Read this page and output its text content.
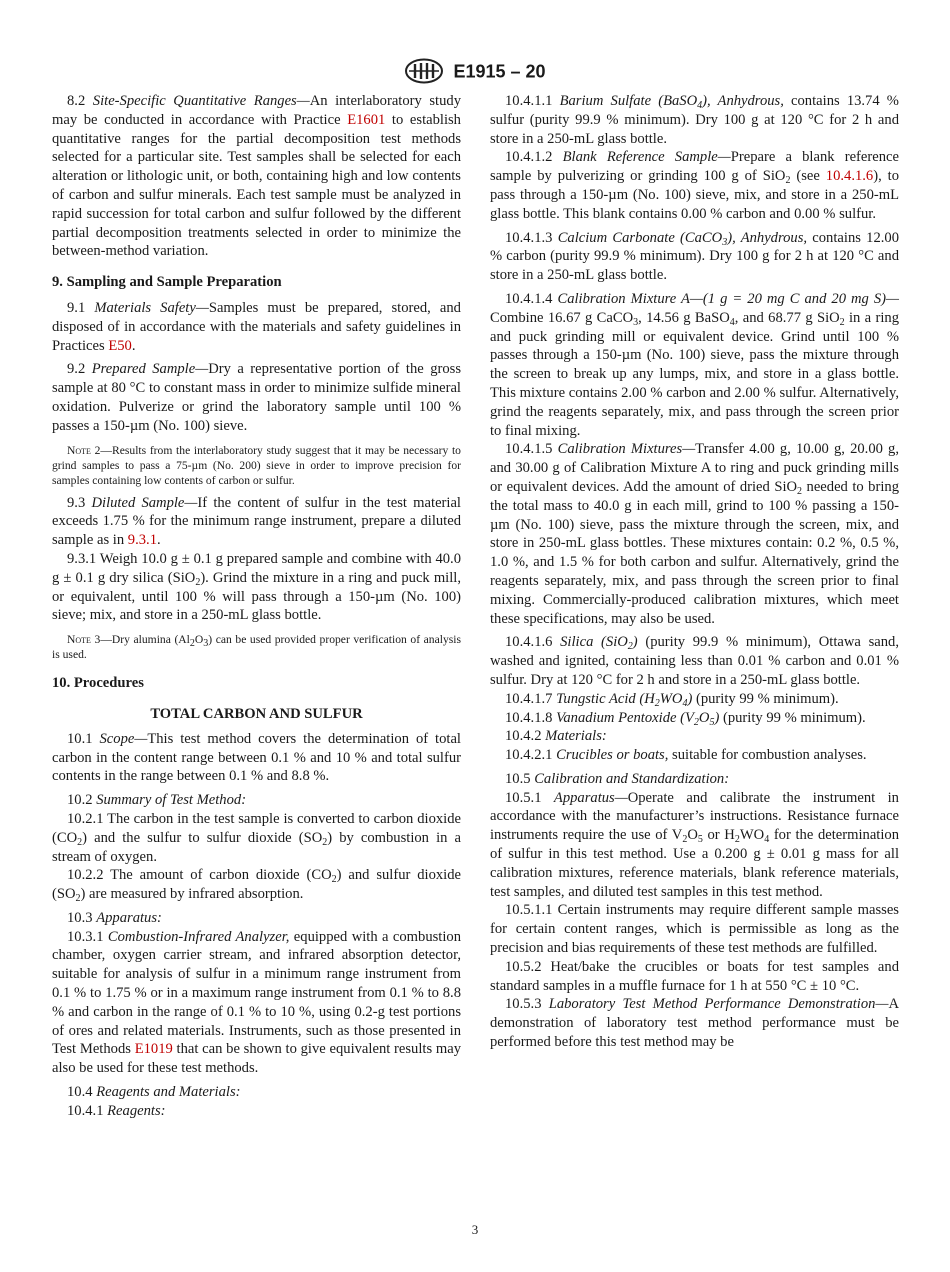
E1915 – 20

8.2 Site-Specific Quantitative Ranges—An interlaboratory study may be conducted in accordance with Practice E1601 to establish quantitative ranges for the partial decomposition test methods selected for a particular site. Test samples shall be selected for each alteration or lithologic unit, or both, containing high and low contents of carbon and sulfur minerals. Each test sample must be analyzed in rapid succession for total carbon and sulfur followed by the different partial decomposition treatments selected in order to minimize the between-method variation.

9. Sampling and Sample Preparation

9.1 Materials Safety—Samples must be prepared, stored, and disposed of in accordance with the materials and safety guidelines in Practices E50.

9.2 Prepared Sample—Dry a representative portion of the gross sample at 80 °C to constant mass in order to minimize sulfide mineral oxidation. Pulverize or grind the laboratory sample until 100 % passes a 150-µm (No. 100) sieve.

Note 2—Results from the interlaboratory study suggest that it may be necessary to grind samples to pass a 75-µm (No. 200) sieve in order to improve precision for samples containing low contents of carbon or sulfur.

9.3 Diluted Sample—If the content of sulfur in the test material exceeds 1.75 % for the minimum range instrument, prepare a diluted sample as in 9.3.1.

9.3.1 Weigh 10.0 g ± 0.1 g prepared sample and combine with 40.0 g ± 0.1 g dry silica (SiO$_2$). Grind the mixture in a ring and puck mill, or equivalent, until 100 % will pass through a 150-µm (No. 100) sieve; mix, and store in a 250-mL glass bottle.

Note 3—Dry alumina $(Al_2O_3)$ can be used provided proper verification of analysis is used.

10. Procedures
TOTAL CARBON AND SULFUR

10.1 Scope—This test method covers the determination of total carbon in the content range between 0.1 % and 10 % and total sulfur contents in the range between 0.1 % and 8.8 %.

10.2 Summary of Test Method:

10.2.1 The carbon in the test sample is converted to carbon dioxide $(CO_2)$ and the sulfur to sulfur dioxide $(SO_2)$ by combustion in a stream of oxygen.

10.2.2 The amount of carbon dioxide $(CO_2)$ and sulfur dioxide $(SO_2)$ are measured by infrared absorption.

10.3 Apparatus:

10.3.1 Combustion-Infrared Analyzer, equipped with a combustion chamber, oxygen carrier stream, and infrared absorption detector, suitable for analysis of sulfur in a minimum range instrument from 0.1 % to 1.75 % or in a maximum range instrument from 0.1 % to 8.8 % and carbon in the range of 0.1 % to 10 %, using 0.2-g test portions of ores and related materials. Instruments, such as those presented in Test Methods E1019 that can be shown to give equivalent results may also be used for these test methods.

10.4 Reagents and Materials:

10.4.1 Reagents:

10.4.1.1 Barium Sulfate (BaSO$_4$), Anhydrous, contains 13.74 % sulfur (purity 99.9 % minimum). Dry 100 g at 120 °C for 2 h and store in a 250-mL glass bottle.

10.4.1.2 Blank Reference Sample—Prepare a blank reference sample by pulverizing or grinding 100 g of SiO$_2$ (see 10.4.1.6), to pass through a 150-µm (No. 100) sieve, mix, and store in a 250-mL glass bottle. This blank contains 0.00 % carbon and 0.00 % sulfur.

10.4.1.3 Calcium Carbonate (CaCO$_3$), Anhydrous, contains 12.00 % carbon (purity 99.9 % minimum). Dry 100 g for 2 h at 120 °C and store in a 250-mL glass bottle.

10.4.1.4 Calibration Mixture A—(1 g = 20 mg C and 20 mg S)—Combine 16.67 g CaCO$_3$, 14.56 g BaSO$_4$, and 68.77 g SiO$_2$ in a ring and puck grinding mill or equivalent device. Grind until 100 % passes through a 150-µm (No. 100) sieve, pass the mixture through the screen to break up any lumps, mix, and store in a glass bottle. This mixture contains 2.00 % carbon and 2.00 % sulfur. Alternatively, grind the reagents separately, mix, and pass through the screen prior to final mixing.

10.4.1.5 Calibration Mixtures—Transfer 4.00 g, 10.00 g, 20.00 g, and 30.00 g of Calibration Mixture A to ring and puck grinding mills or equivalent devices. Add the amount of dried SiO$_2$ needed to bring the total mass to 40.0 g in each mill, grind to 100 % passing a 150-µm (No. 100) sieve, pass the mixture through the screen, mix, and store in 250-mL glass bottles. These mixtures contain: 0.2 %, 0.5 %, 1.0 %, and 1.5 % for both carbon and sulfur. Alternatively, grind the reagents separately, mix, and pass through the screen prior to final mixing. Commercially-produced calibration mixtures, which meet these specifications, may also be used.

10.4.1.6 Silica (SiO$_2$) (purity 99.9 % minimum), Ottawa sand, washed and ignited, containing less than 0.01 % carbon and 0.01 % sulfur. Dry at 120 °C for 2 h and store in a 250-mL glass bottle.

10.4.1.7 Tungstic Acid $(H_2WO_4)$ (purity 99 % minimum).

10.4.1.8 Vanadium Pentoxide $(V_2O_5)$ (purity 99 % minimum).

10.4.2 Materials:

10.4.2.1 Crucibles or boats, suitable for combustion analyses.

10.5 Calibration and Standardization:

10.5.1 Apparatus—Operate and calibrate the instrument in accordance with the manufacturer’s instructions. Resistance furnace instruments require the use of $V_2O_5$ or $H_2WO_4$ for the determination of sulfur in this test method. Use a 0.200 g ± 0.01 g mass for all calibration mixtures, reference materials, blank reference materials, test samples, and diluted test samples in this test method.

10.5.1.1 Certain instruments may require different sample masses for certain content ranges, which is permissible as long as the precision and bias requirements of these test methods are fulfilled.

10.5.2 Heat/bake the crucibles or boats for test samples and standard samples in a muffle furnace for 1 h at 550 °C ± 10 °C.

10.5.3 Laboratory Test Method Performance Demonstration—A demonstration of laboratory test method performance must be performed before this test method may be

3
